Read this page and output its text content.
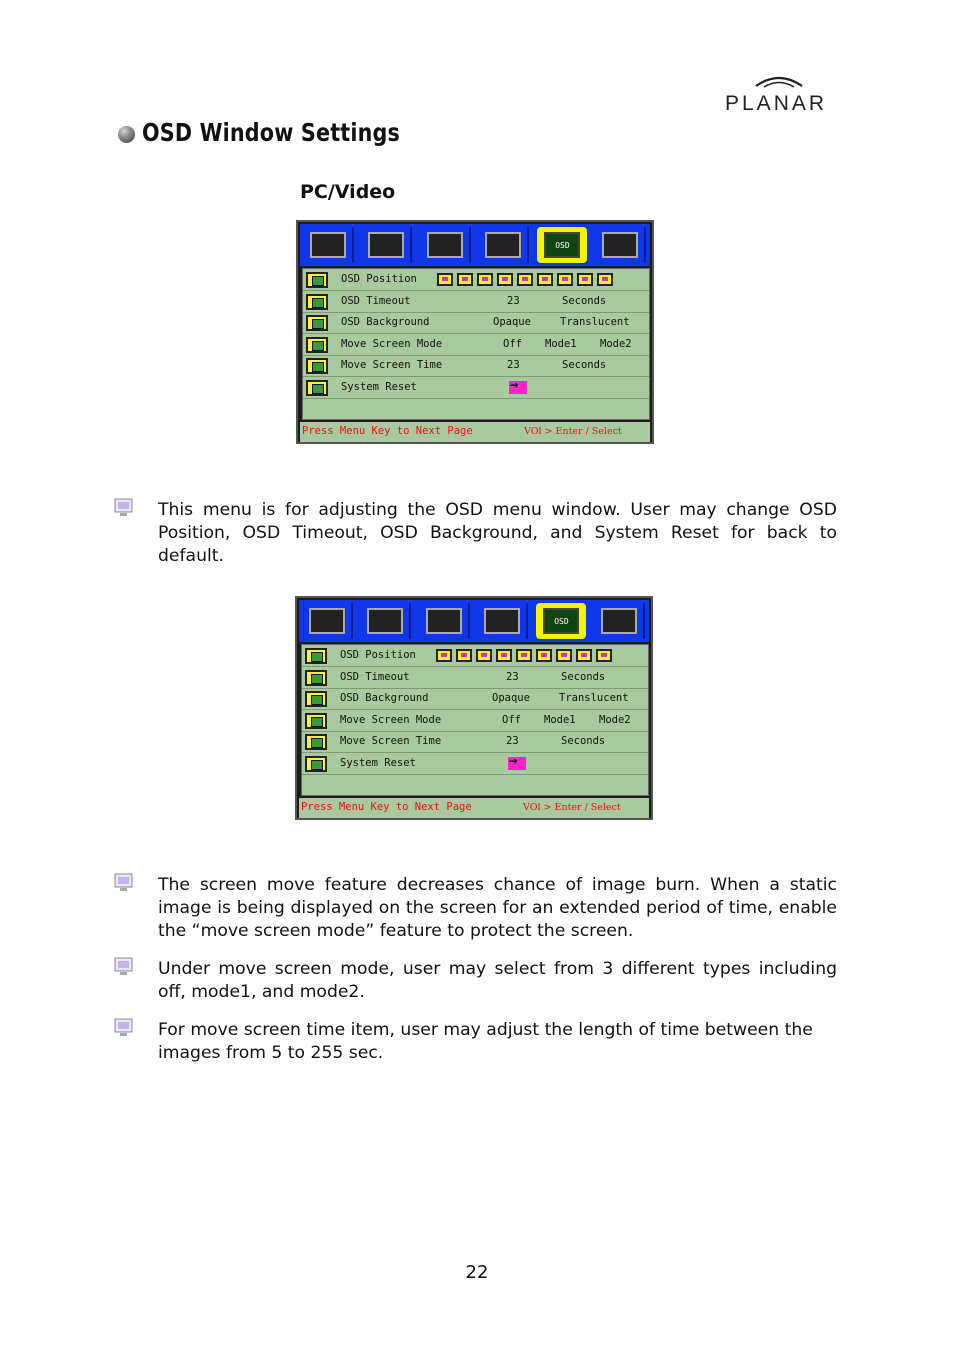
PLANAR
OSD Window Settings
PC/Video
OSD
OSD Position
OSD Timeout	23	Seconds
OSD Background	Opaque	Translucent
Move Screen Mode	Off Mode1 Mode2
Move Screen Time	23	Seconds
System Reset
→
Press Menu Key to Next Page	VOl > Enter / Select
This menu is for adjusting the OSD menu window. User may change OSD Position, OSD Timeout, OSD Background, and System Reset for back to default.
OSD
OSD Position
OSD Timeout	23	Seconds
OSD Background	Opaque	Translucent
Move Screen Mode	Off Mode1 Mode2
Move Screen Time	23	Seconds
System Reset
→
Press Menu Key to Next Page	VOl > Enter / Select
The screen move feature decreases chance of image burn. When a static image is being displayed on the screen for an extended period of time, enable the “move screen mode” feature to protect the screen.
Under move screen mode, user may select from 3 different types including off, mode1, and mode2.
For move screen time item, user may adjust the length of time between the images from 5 to 255 sec.
22
